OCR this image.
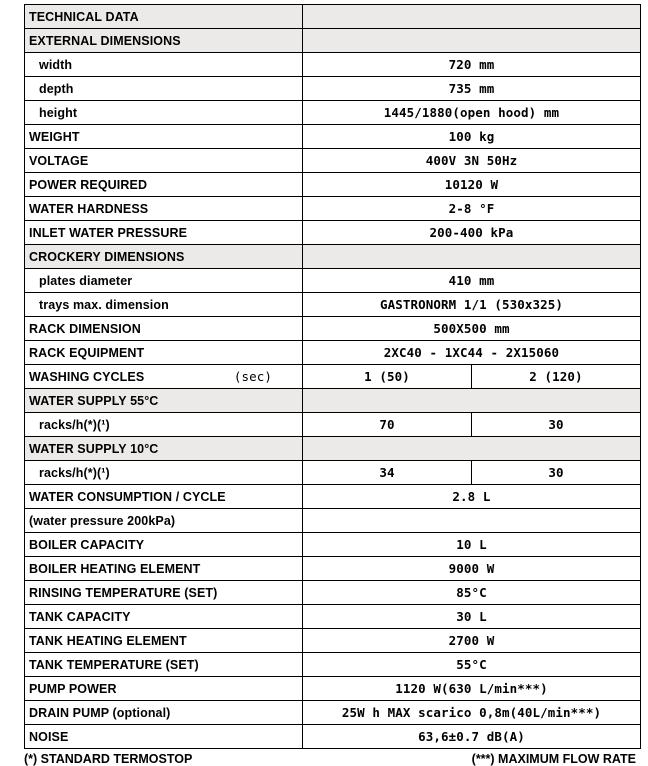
TECHNICAL DATA	
EXTERNAL DIMENSIONS	
width	720 mm
depth	735 mm
height	1445/1880(open hood) mm
WEIGHT	100 kg
VOLTAGE	400V 3N 50Hz
POWER REQUIRED	10120 W
WATER HARDNESS	2-8 °F
INLET WATER PRESSURE	200-400 kPa
CROCKERY DIMENSIONS	
plates diameter	410 mm
trays max. dimension	GASTRONORM 1/1 (530x325)
RACK DIMENSION	500X500 mm
RACK EQUIPMENT	2XC40 - 1XC44 - 2X15060

WASHING CYCLES	(sec)	1 (50)	2 (120)

WATER SUPPLY 55°C	
racks/h(*)(¹)	70 30

WATER SUPPLY 10°C	
racks/h(*)(¹)	34 30

WATER CONSUMPTION / CYCLE	2.8 L
(water pressure 200kPa)	
BOILER CAPACITY	10 L
BOILER HEATING ELEMENT	9000 W
RINSING TEMPERATURE (SET)	85°C
TANK CAPACITY	30 L
TANK HEATING ELEMENT	2700 W
TANK TEMPERATURE (SET)	55°C
PUMP POWER	1120 W(630 L/min***)
DRAIN PUMP (optional)	25W h MAX scarico 0,8m(40L/min***)
NOISE	63,6±0.7 dB(A)
(*) STANDARD TERMOSTOP	(***) MAXIMUM FLOW RATE
